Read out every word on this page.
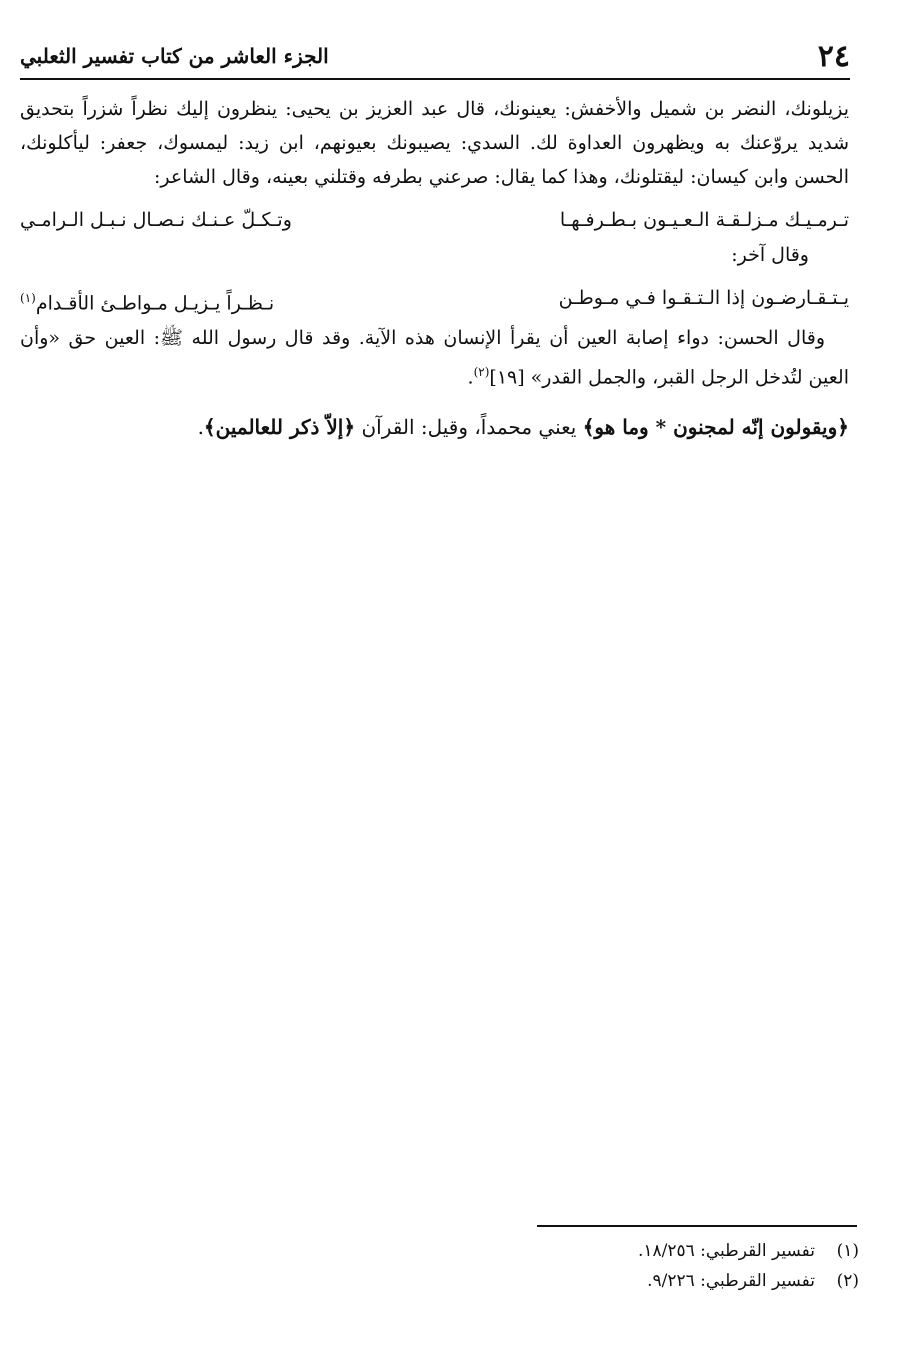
الجزء العاشر من كتاب تفسير الثعلبي	٢٤

يزيلونك، النضر بن شميل والأخفش: يعينونك، قال عبد العزيز بن يحيى: ينظرون إليك نظراً شزراً بتحديق شديد يروّعنك به ويظهرون العداوة لك. السدي: يصيبونك بعيونهم، ابن زيد: ليمسوك، جعفر: ليأكلونك، الحسن وابن كيسان: ليقتلونك، وهذا كما يقال: صرعني بطرفه وقتلني بعينه، وقال الشاعر:

تـرمـيـك مـزلـقـة الـعـيـون بـطـرفـهـا
وتـكـلّ عـنـك نـصـال نـبـل الـرامـي

وقال آخر:

يـتـقـارضـون إذا الـتـقـوا فـي مـوطـن
نـظـراً يـزيـل مـواطـئ الأقـدام$^{(١)}$

وقال الحسن: دواء إصابة العين أن يقرأ الإنسان هذه الآية. وقد قال رسول الله ﷺ: العين حق «وأن العين لتُدخل الرجل القبر، والجمل القدر» [١٩]$^{(٢)}$.

﴿ويقولون إنّه لمجنون * وما هو﴾ يعني محمداً، وقيل: القرآن ﴿إلاّ ذكر للعالمين﴾.

(١)
تفسير القرطبي: ١٨/٢٥٦.
(٢)
تفسير القرطبي: ٩/٢٢٦.
